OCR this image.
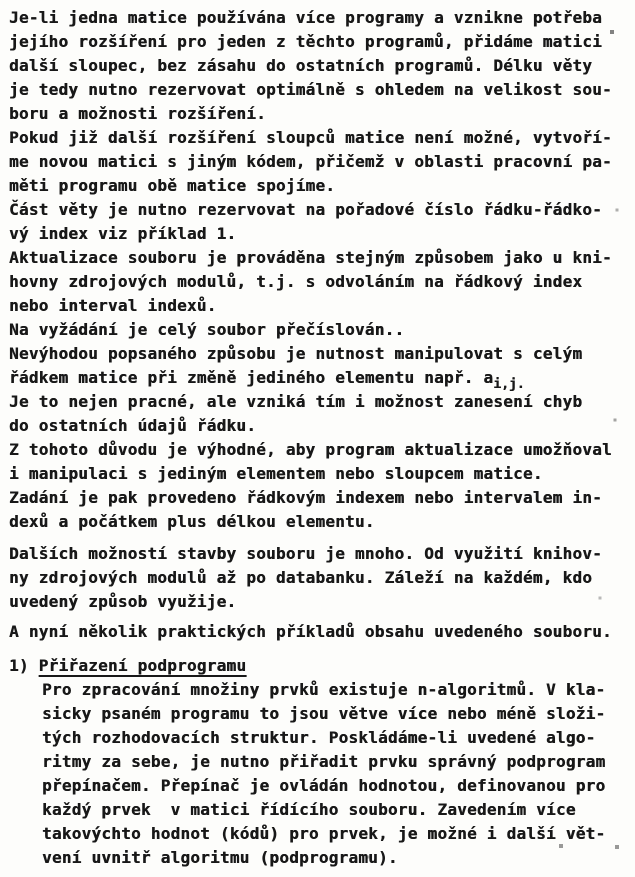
Je-li jedna matice používána více programy a vznikne potřeba
jejího rozšíření pro jeden z těchto programů, přidáme matici
další sloupec, bez zásahu do ostatních programů. Délku věty
je tedy nutno rezervovat optimálně s ohledem na velikost sou-
boru a možnosti rozšíření.
Pokud již další rozšíření sloupců matice není možné, vytvoří-
me novou matici s jiným kódem, přičemž v oblasti pracovní pa-
měti programu obě matice spojíme.
Část věty je nutno rezervovat na pořadové číslo řádku-řádko-
vý index viz příklad 1.
Aktualizace souboru je prováděna stejným způsobem jako u kni-
hovny zdrojových modulů, t.j. s odvoláním na řádkový index
nebo interval indexů.
Na vyžádání je celý soubor přečíslován..
Nevýhodou popsaného způsobu je nutnost manipulovat s celým
řádkem matice při změně jediného elementu např. $a_{i,j.}$
Je to nejen pracné, ale vzniká tím i možnost zanesení chyb
do ostatních údajů řádku.
Z tohoto důvodu je výhodné, aby program aktualizace umožňoval
i manipulaci s jediným elementem nebo sloupcem matice.
Zadání je pak provedeno řádkovým indexem nebo intervalem in-
dexů a počátkem plus délkou elementu.
Dalších možností stavby souboru je mnoho. Od využití knihov-
ny zdrojových modulů až po databanku. Záleží na každém, kdo
uvedený způsob využije.
A nyní několik praktických příkladů obsahu uvedeného souboru.
1) Přiřazení podprogramu
Pro zpracování množiny prvků existuje n-algoritmů. V kla-
sicky psaném programu to jsou větve více nebo méně složi-
tých rozhodovacích struktur. Poskládáme-li uvedené algo-
ritmy za sebe, je nutno přiřadit prvku správný podprogram
přepínačem. Přepínač je ovládán hodnotou, definovanou pro
každý prvek  v matici řídícího souboru. Zavedením více
takovýchto hodnot (kódů) pro prvek, je možné i další vět-
vení uvnitř algoritmu (podprogramu).
